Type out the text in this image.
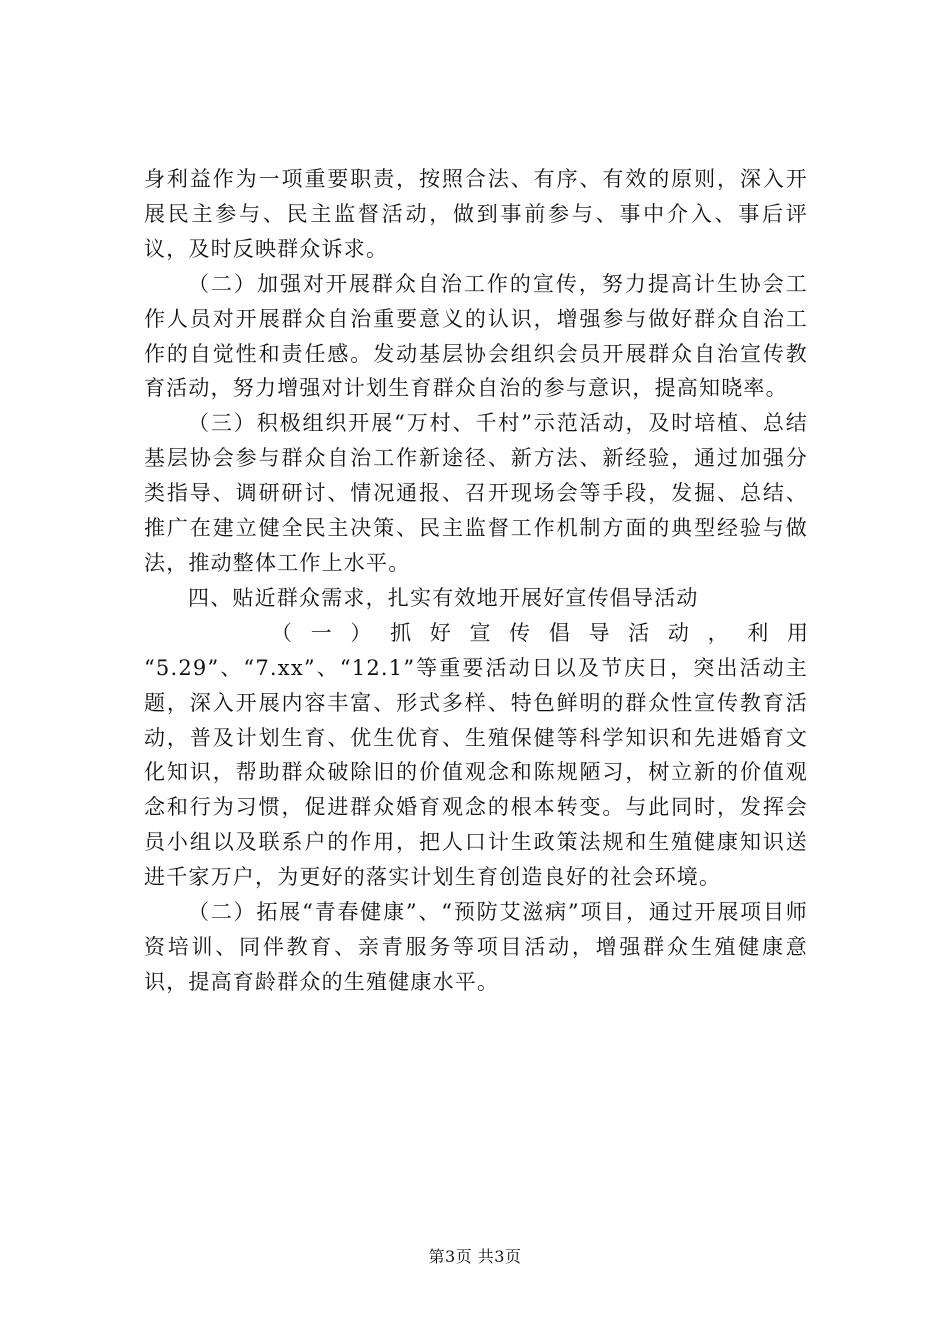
身利益作为一项重要职责，按照合法、有序、有效的原则，深入开展民主参与、民主监督活动，做到事前参与、事中介入、事后评议，及时反映群众诉求。

（二）加强对开展群众自治工作的宣传，努力提高计生协会工作人员对开展群众自治重要意义的认识，增强参与做好群众自治工作的自觉性和责任感。发动基层协会组织会员开展群众自治宣传教育活动，努力增强对计划生育群众自治的参与意识，提高知晓率。

（三）积极组织开展“万村、千村”示范活动，及时培植、总结基层协会参与群众自治工作新途径、新方法、新经验，通过加强分类指导、调研研讨、情况通报、召开现场会等手段，发掘、总结、推广在建立健全民主决策、民主监督工作机制方面的典型经验与做法，推动整体工作上水平。

四、贴近群众需求，扎实有效地开展好宣传倡导活动

（ 一 ） 抓 好 宣 传 倡 导 活 动 ， 利 用

“5.29”、“7.xx”、“12.1”等重要活动日以及节庆日，突出活动主题，深入开展内容丰富、形式多样、特色鲜明的群众性宣传教育活动，普及计划生育、优生优育、生殖保健等科学知识和先进婚育文化知识，帮助群众破除旧的价值观念和陈规陋习，树立新的价值观念和行为习惯，促进群众婚育观念的根本转变。与此同时，发挥会员小组以及联系户的作用，把人口计生政策法规和生殖健康知识送进千家万户，为更好的落实计划生育创造良好的社会环境。

（二）拓展“青春健康”、“预防艾滋病”项目，通过开展项目师资培训、同伴教育、亲青服务等项目活动，增强群众生殖健康意识，提高育龄群众的生殖健康水平。

第3页 共3页
